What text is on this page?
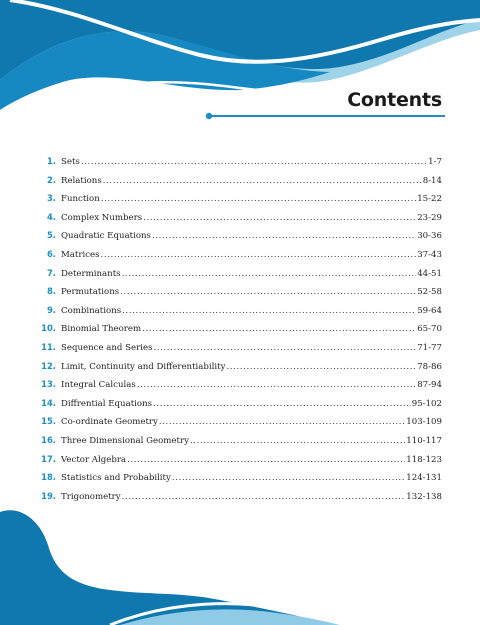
Contents
1. Sets .....	1-7
2. Relations .....	8-14
3. Function .....	15-22
4. Complex Numbers .....	23-29
5. Quadratic Equations .....	30-36
6. Matrices .....	37-43
7. Determinants .....	44-51
8. Permutations .....	52-58
9. Combinations .....	59-64
10. Binomial Theorem .....	65-70
11. Sequence and Series .....	71-77
12. Limit, Continuity and Differentiability .....	78-86
13. Integral Calculas .....	87-94
14. Diffrential Equations .....	95-102
15. Co-ordinate Geometry .....	103-109
16. Three Dimensional Geometry .....	110-117
17. Vector Algebra .....	118-123
18. Statistics and Probability .....	124-131
19. Trigonometry .....	132-138
